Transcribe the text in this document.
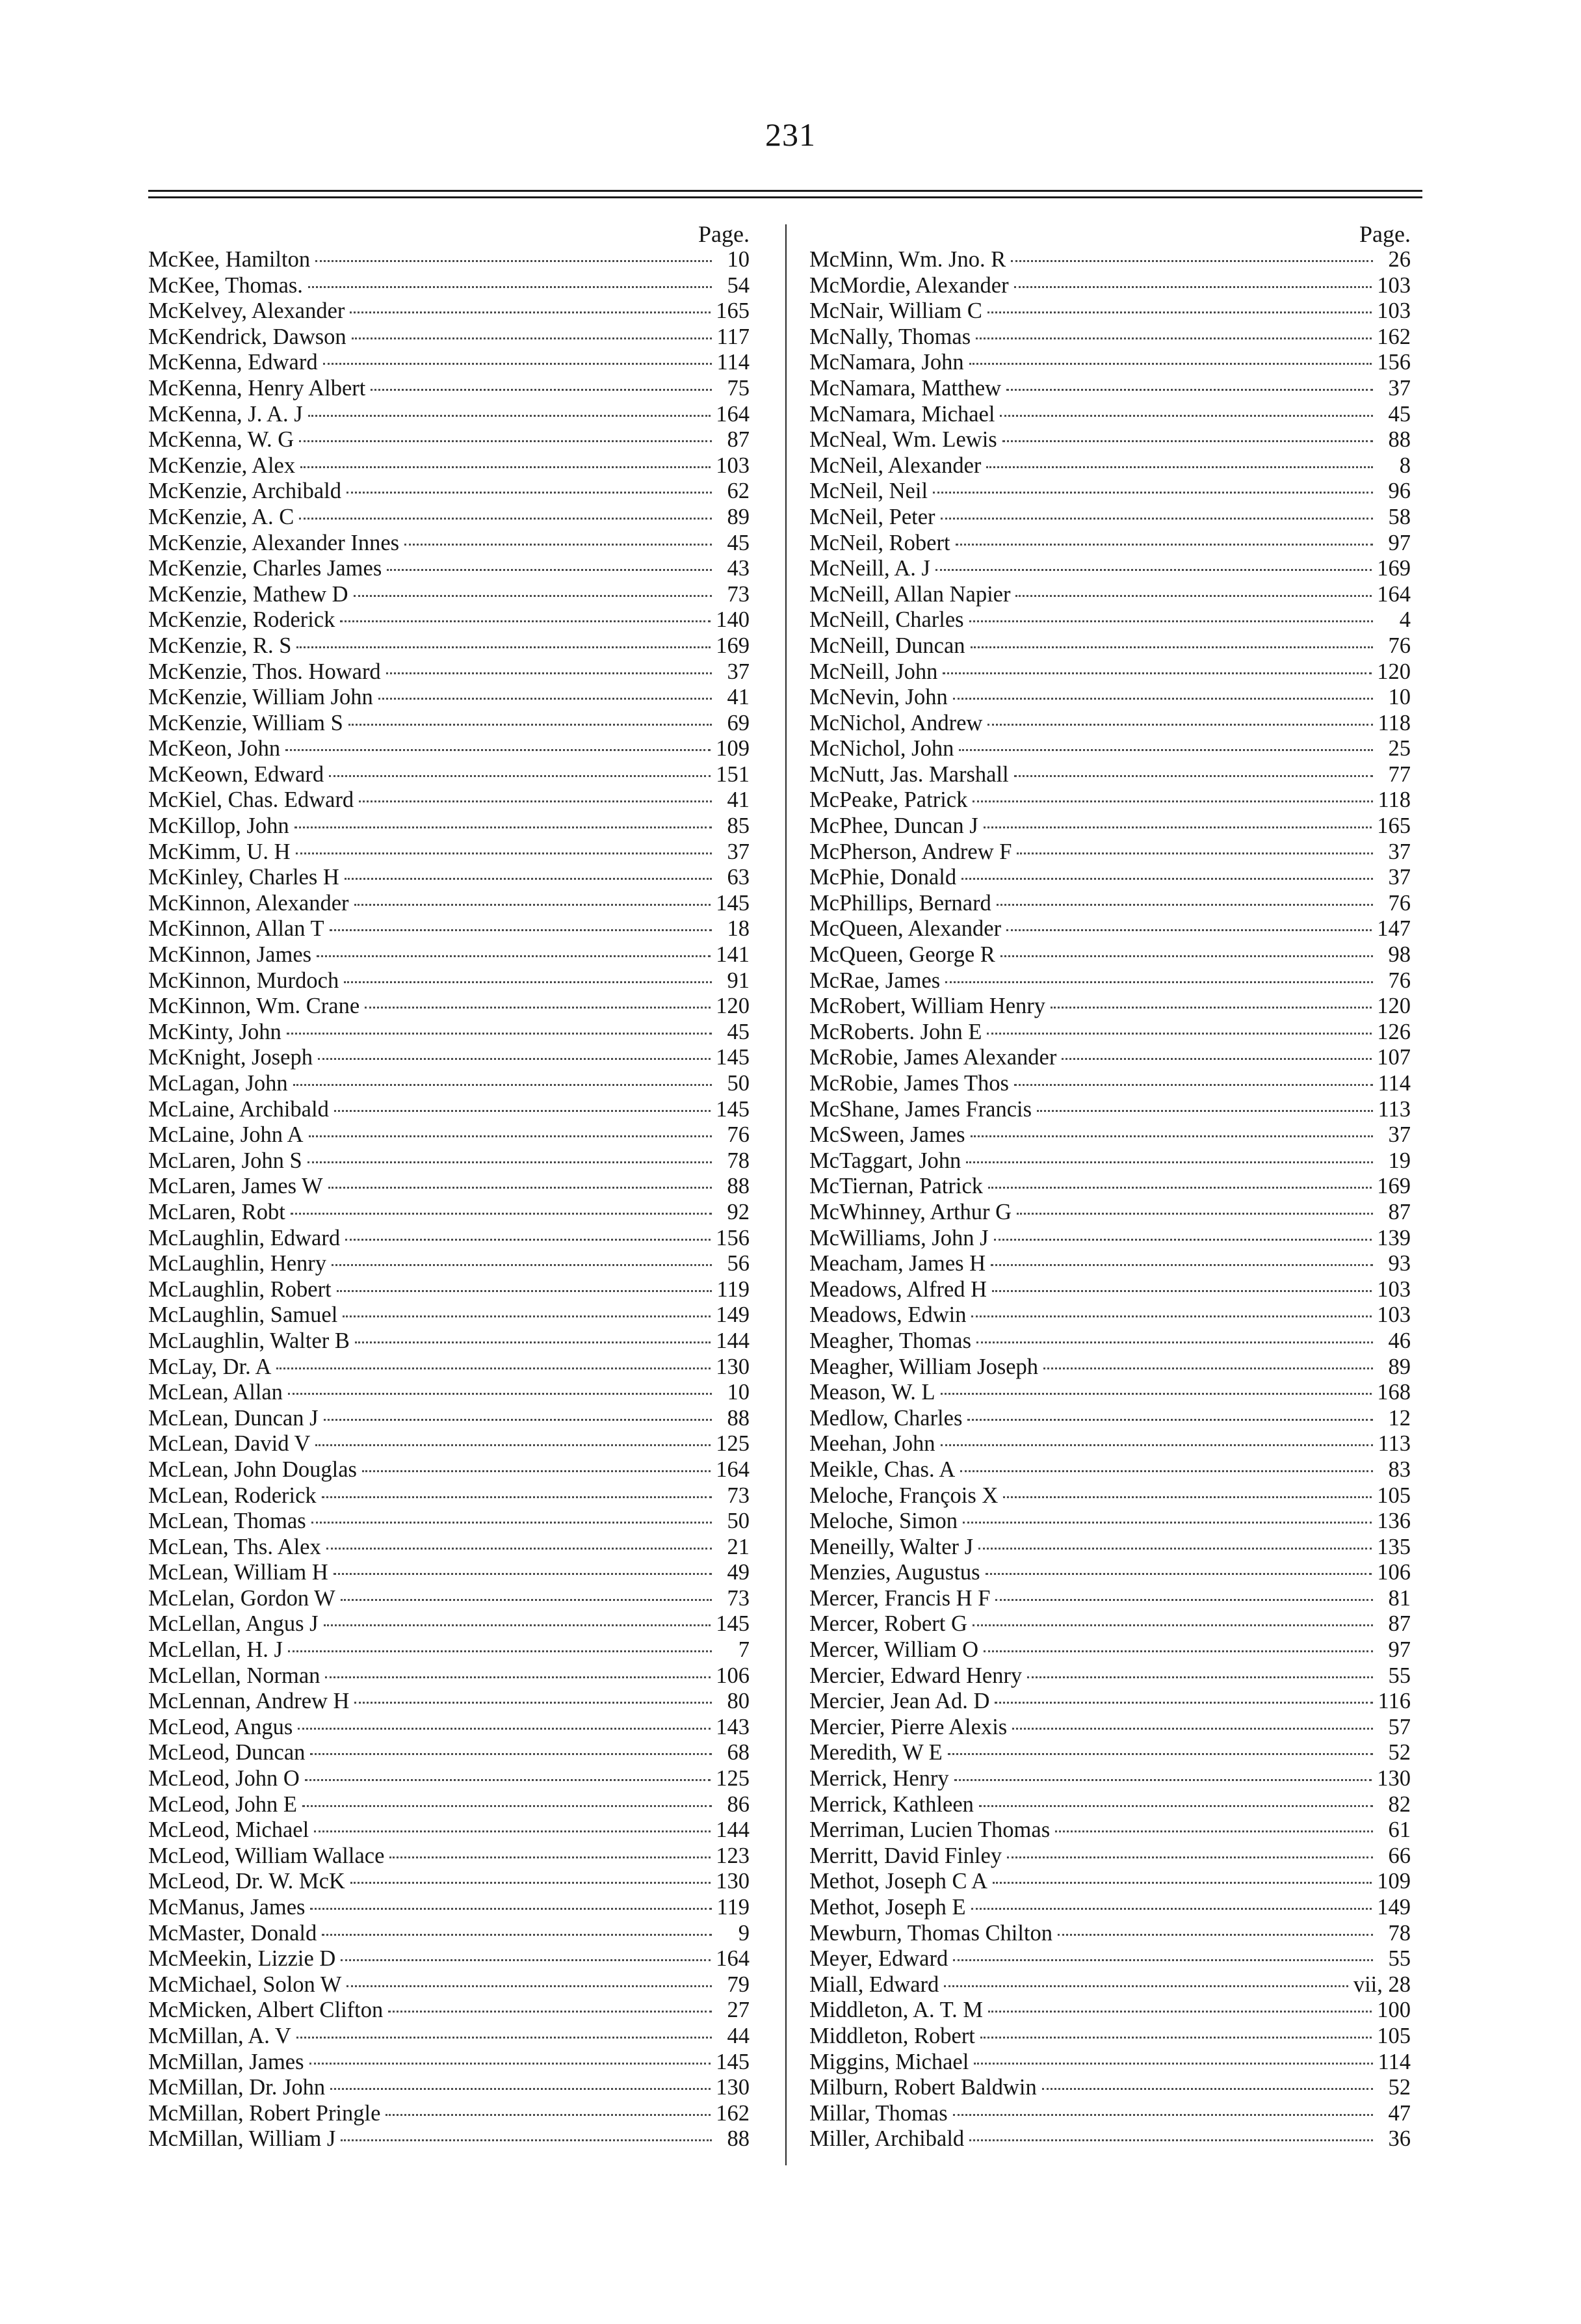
231
Page.
McKee, Hamilton	10
McKee, Thomas.	54
McKelvey, Alexander	165
McKendrick, Dawson	117
McKenna, Edward	114
McKenna, Henry Albert	75
McKenna, J. A. J	164
McKenna, W. G	87
McKenzie, Alex	103
McKenzie, Archibald	62
McKenzie, A. C	89
McKenzie, Alexander Innes	45
McKenzie, Charles James	43
McKenzie, Mathew D	73
McKenzie, Roderick	140
McKenzie, R. S	169
McKenzie, Thos. Howard	37
McKenzie, William John	41
McKenzie, William S	69
McKeon, John	109
McKeown, Edward	151
McKiel, Chas. Edward	41
McKillop, John	85
McKimm, U. H	37
McKinley, Charles H	63
McKinnon, Alexander	145
McKinnon, Allan T	18
McKinnon, James	141
McKinnon, Murdoch	91
McKinnon, Wm. Crane	120
McKinty, John	45
McKnight, Joseph	145
McLagan, John	50
McLaine, Archibald	145
McLaine, John A	76
McLaren, John S	78
McLaren, James W	88
McLaren, Robt	92
McLaughlin, Edward	156
McLaughlin, Henry	56
McLaughlin, Robert	119
McLaughlin, Samuel	149
McLaughlin, Walter B	144
McLay, Dr. A	130
McLean, Allan	10
McLean, Duncan J	88
McLean, David V	125
McLean, John Douglas	164
McLean, Roderick	73
McLean, Thomas	50
McLean, Ths. Alex	21
McLean, William H	49
McLelan, Gordon W	73
McLellan, Angus J	145
McLellan, H. J	7
McLellan, Norman	106
McLennan, Andrew H	80
McLeod, Angus	143
McLeod, Duncan	68
McLeod, John O	125
McLeod, John E	86
McLeod, Michael	144
McLeod, William Wallace	123
McLeod, Dr. W. McK	130
McManus, James	119
McMaster, Donald	9
McMeekin, Lizzie D	164
McMichael, Solon W	79
McMicken, Albert Clifton	27
McMillan, A. V	44
McMillan, James	145
McMillan, Dr. John	130
McMillan, Robert Pringle	162
McMillan, William J	88
Page.
McMinn, Wm. Jno. R	26
McMordie, Alexander	103
McNair, William C	103
McNally, Thomas	162
McNamara, John	156
McNamara, Matthew	37
McNamara, Michael	45
McNeal, Wm. Lewis	88
McNeil, Alexander	8
McNeil, Neil	96
McNeil, Peter	58
McNeil, Robert	97
McNeill, A. J	169
McNeill, Allan Napier	164
McNeill, Charles	4
McNeill, Duncan	76
McNeill, John	120
McNevin, John	10
McNichol, Andrew	118
McNichol, John	25
McNutt, Jas. Marshall	77
McPeake, Patrick	118
McPhee, Duncan J	165
McPherson, Andrew F	37
McPhie, Donald	37
McPhillips, Bernard	76
McQueen, Alexander	147
McQueen, George R	98
McRae, James	76
McRobert, William Henry	120
McRoberts. John E	126
McRobie, James Alexander	107
McRobie, James Thos	114
McShane, James Francis	113
McSween, James	37
McTaggart, John	19
McTiernan, Patrick	169
McWhinney, Arthur G	87
McWilliams, John J	139
Meacham, James H	93
Meadows, Alfred H	103
Meadows, Edwin	103
Meagher, Thomas	46
Meagher, William Joseph	89
Meason, W. L	168
Medlow, Charles	12
Meehan, John	113
Meikle, Chas. A	83
Meloche, François X	105
Meloche, Simon	136
Meneilly, Walter J	135
Menzies, Augustus	106
Mercer, Francis H F	81
Mercer, Robert G	87
Mercer, William O	97
Mercier, Edward Henry	55
Mercier, Jean Ad. D	116
Mercier, Pierre Alexis	57
Meredith, W E	52
Merrick, Henry	130
Merrick, Kathleen	82
Merriman, Lucien Thomas	61
Merritt, David Finley	66
Methot, Joseph C A	109
Methot, Joseph E	149
Mewburn, Thomas Chilton	78
Meyer, Edward	55
Miall, Edward	vii, 28
Middleton, A. T. M	100
Middleton, Robert	105
Miggins, Michael	114
Milburn, Robert Baldwin	52
Millar, Thomas	47
Miller, Archibald	36
